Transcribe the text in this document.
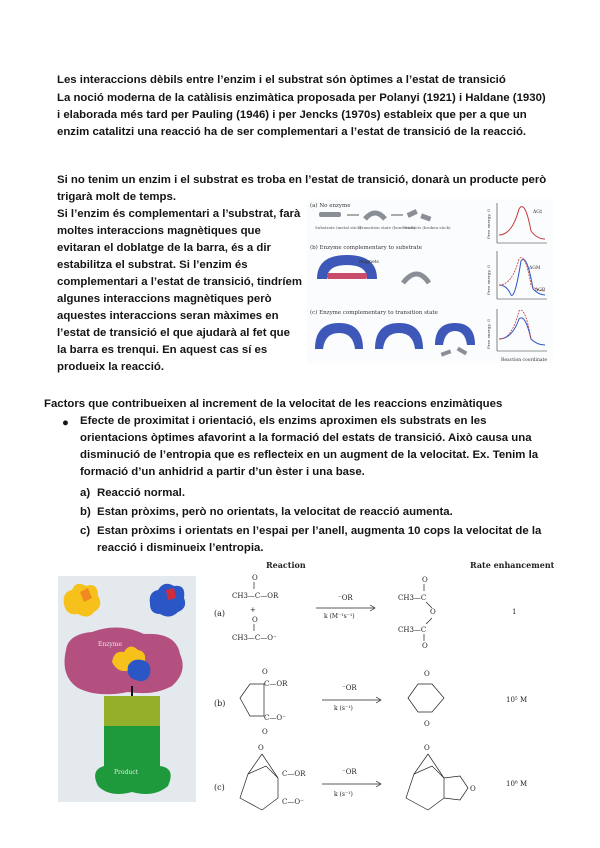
Les interaccions dèbils entre l’enzim i el substrat són òptimes a l’estat de transició
La noció moderna de la catàlisis enzimàtica proposada per Polanyi (1921) i Haldane (1930) i elaborada més tard per Pauling (1946) i per Jencks (1970s) estableix que per a que un enzim catalitzi una reacció ha de ser complementari a l’estat de transició de la reacció.
Si no tenim un enzim i el substrat es troba en l’estat de transició, donarà un producte però trigarà molt de temps.
Si l’enzim és complementari a l’substrat, farà moltes interaccions magnètiques que evitaran el doblatge de la barra, és a dir estabilitza el substrat. Si l’enzim és complementari a l’estat de transició, tindríem algunes interaccions magnètiques però aquestes interaccions seran màximes en l’estat de transició el que ajudarà al fet que la barra es trenqui. En aquest cas sí es produeix la reacció.
(a) No enzyme
Substrate (metal stick)
Transition state (bent stick)
Products (broken stick)
(b) Enzyme complementary to substrate
Magnets
(c) Enzyme complementary to transition state
ΔG‡
ΔGM
ΔGB
Reaction coordinate
Free energy, G
Free energy, G
Free energy, G
Factors que contribueixen al increment de la velocitat de les reaccions enzimàtiques
● Efecte de proximitat i orientació, els enzims aproximen els substrats en les orientacions òptimes afavorint a la formació del estats de transició. Això causa una disminució de l’entropia que es reflecteix en un augment de la velocitat. Ex. Tenim la formació d’un anhidrid a partir d’un èster i una base.
a) Reacció normal.
b) Estan pròxims, però no orientats, la velocitat de reacció aumenta.
c) Estan pròxims i orientats en l’espai per l’anell, augmenta 10 cops la velocitat de la reacció i disminueix l’entropia.
Enzyme
Product
Reaction	Rate enhancement
(a)
O
CH3—C—OR
+
O
CH3—C—O⁻
⁻OR
k (M⁻¹s⁻¹)
O
CH3—C
O
CH3—C
O
1
(b)
C—OR
C—O⁻
O
O
⁻OR
k (s⁻¹)
O
O
10⁵ M
(c)
O
C—OR
C—O⁻
⁻OR
k (s⁻¹)
O
O
10⁸ M
